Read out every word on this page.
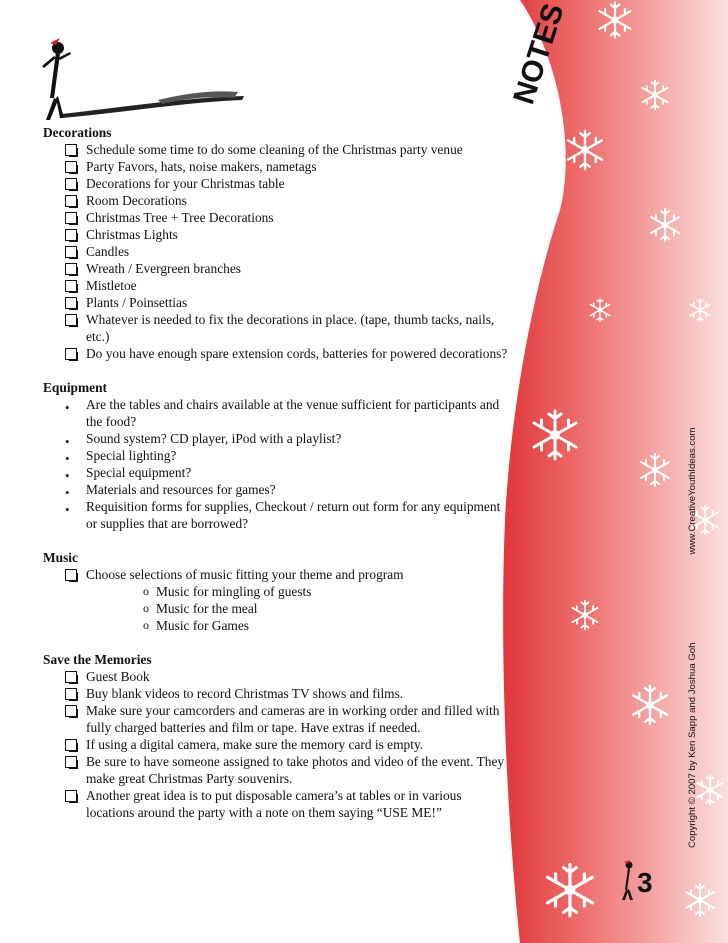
NOTES

Decorations

Schedule some time to do some cleaning of the Christmas party venue
Party Favors, hats, noise makers, nametags
Decorations for your Christmas table
Room Decorations
Christmas Tree + Tree Decorations
Christmas Lights
Candles
Wreath / Evergreen branches
Mistletoe
Plants / Poinsettias
Whatever is needed to fix the decorations in place. (tape, thumb tacks, nails, etc.)
Do you have enough spare extension cords, batteries for powered decorations?

Equipment

•	Are the tables and chairs available at the venue sufficient for participants and the food?
•	Sound system? CD player, iPod with a playlist?
•	Special lighting?
•	Special equipment?
•	Materials and resources for games?
•	Requisition forms for supplies, Checkout / return out form for any equipment or supplies that are borrowed?

Music

Choose selections of music fitting your theme and program
o Music for mingling of guests
o Music for the meal
o Music for Games

Save the Memories

Guest Book
Buy blank videos to record Christmas TV shows and films.
Make sure your camcorders and cameras are in working order and filled with fully charged batteries and film or tape. Have extras if needed.
If using a digital camera, make sure the memory card is empty.
Be sure to have someone assigned to take photos and video of the event. They make great Christmas Party souvenirs.
Another great idea is to put disposable camera’s at tables or in various locations around the party with a note on them saying “USE ME!”	Copyright © 2007 by Ken Sapp and Joshua Goh                                 www.CreativeYouthIdeas.com
3
